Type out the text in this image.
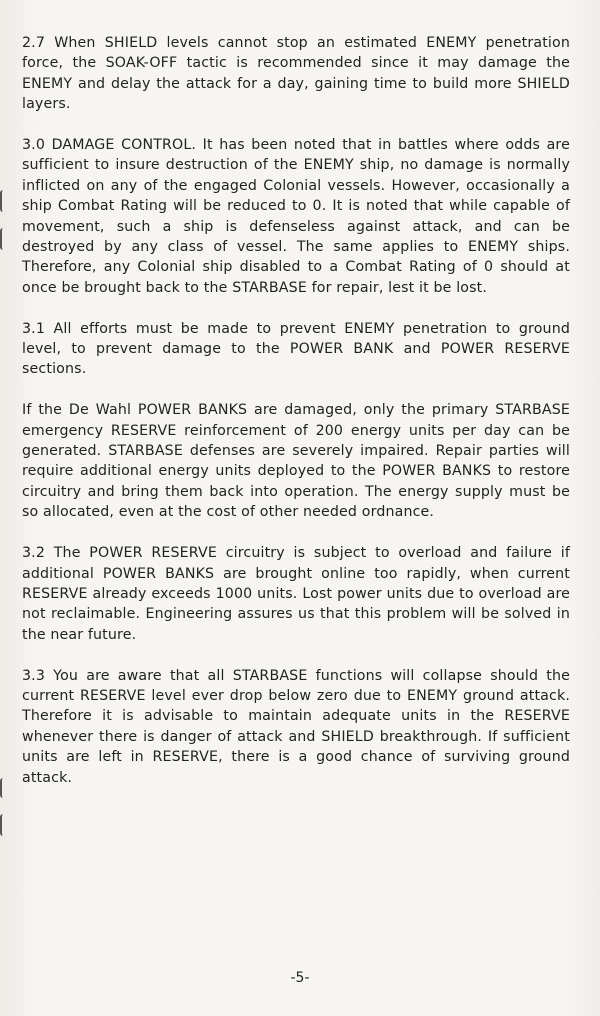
2.7 When SHIELD levels cannot stop an estimated ENEMY penetration force, the SOAK-OFF tactic is recommended since it may damage the ENEMY and delay the attack for a day, gaining time to build more SHIELD layers.

3.0 DAMAGE CONTROL. It has been noted that in battles where odds are sufficient to insure destruction of the ENEMY ship, no damage is normally inflicted on any of the engaged Colonial vessels. However, occasionally a ship Combat Rating will be reduced to 0. It is noted that while capable of movement, such a ship is defenseless against attack, and can be destroyed by any class of vessel. The same applies to ENEMY ships. Therefore, any Colonial ship disabled to a Combat Rating of 0 should at once be brought back to the STARBASE for repair, lest it be lost.

3.1 All efforts must be made to prevent ENEMY penetration to ground level, to prevent damage to the POWER BANK and POWER RESERVE sections.

If the De Wahl POWER BANKS are damaged, only the primary STARBASE emergency RESERVE reinforcement of 200 energy units per day can be generated. STARBASE defenses are severely impaired. Repair parties will require additional energy units deployed to the POWER BANKS to restore circuitry and bring them back into operation. The energy supply must be so allocated, even at the cost of other needed ordnance.

3.2 The POWER RESERVE circuitry is subject to overload and failure if additional POWER BANKS are brought online too rapidly, when current RESERVE already exceeds 1000 units. Lost power units due to overload are not reclaimable. Engineering assures us that this problem will be solved in the near future.

3.3 You are aware that all STARBASE functions will collapse should the current RESERVE level ever drop below zero due to ENEMY ground attack. Therefore it is advisable to maintain adequate units in the RESERVE whenever there is danger of attack and SHIELD breakthrough. If sufficient units are left in RESERVE, there is a good chance of surviving ground attack.

-5-
